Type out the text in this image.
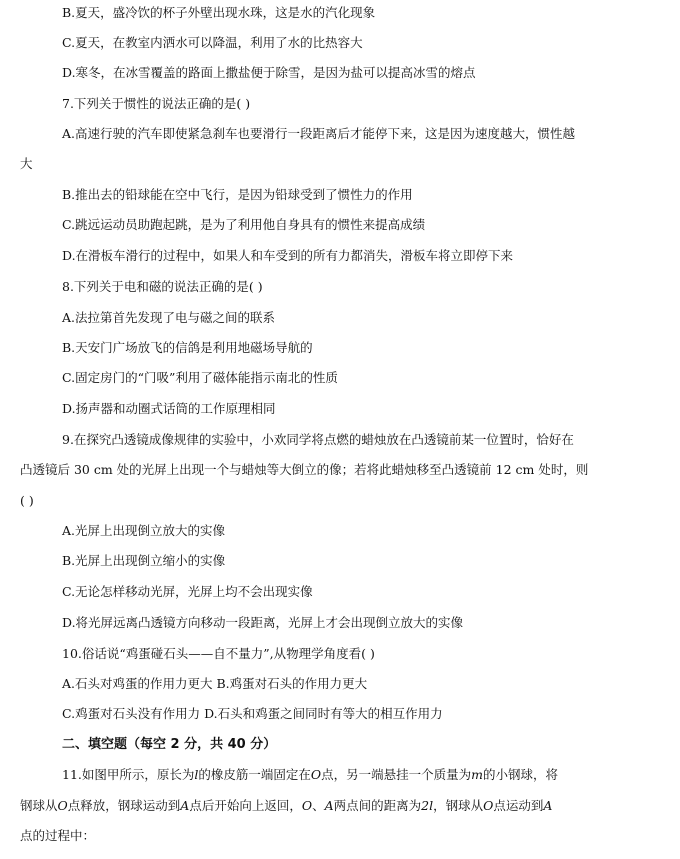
B.夏天，盛冷饮的杯子外壁出现水珠，这是水的汽化现象
C.夏天，在教室内洒水可以降温，利用了水的比热容大
D.寒冬，在冰雪覆盖的路面上撒盐便于除雪，是因为盐可以提高冰雪的熔点
7.下列关于惯性的说法正确的是( )
A.高速行驶的汽车即使紧急刹车也要滑行一段距离后才能停下来，这是因为速度越大，惯性越
大
B.推出去的铅球能在空中飞行，是因为铅球受到了惯性力的作用
C.跳远运动员助跑起跳，是为了利用他自身具有的惯性来提高成绩
D.在滑板车滑行的过程中，如果人和车受到的所有力都消失，滑板车将立即停下来
8.下列关于电和磁的说法正确的是( )
A.法拉第首先发现了电与磁之间的联系
B.天安门广场放飞的信鸽是利用地磁场导航的
C.固定房门的“门吸”利用了磁体能指示南北的性质
D.扬声器和动圈式话筒的工作原理相同
9.在探究凸透镜成像规律的实验中，小欢同学将点燃的蜡烛放在凸透镜前某一位置时，恰好在
凸透镜后 30 cm 处的光屏上出现一个与蜡烛等大倒立的像；若将此蜡烛移至凸透镜前 12 cm 处时，则
( )
A.光屏上出现倒立放大的实像
B.光屏上出现倒立缩小的实像
C.无论怎样移动光屏，光屏上均不会出现实像
D.将光屏远离凸透镜方向移动一段距离，光屏上才会出现倒立放大的实像
10.俗话说“鸡蛋碰石头——自不量力”,从物理学角度看( )
A.石头对鸡蛋的作用力更大 B.鸡蛋对石头的作用力更大
C.鸡蛋对石头没有作用力 D.石头和鸡蛋之间同时有等大的相互作用力
二、填空题（每空 2 分，共 40 分）
11.如图甲所示，原长为l的橡皮筋一端固定在O点，另一端悬挂一个质量为m的小钢球，将
钢球从O点释放，钢球运动到A点后开始向上返回，O、A两点间的距离为2l，钢球从O点运动到A
点的过程中：
